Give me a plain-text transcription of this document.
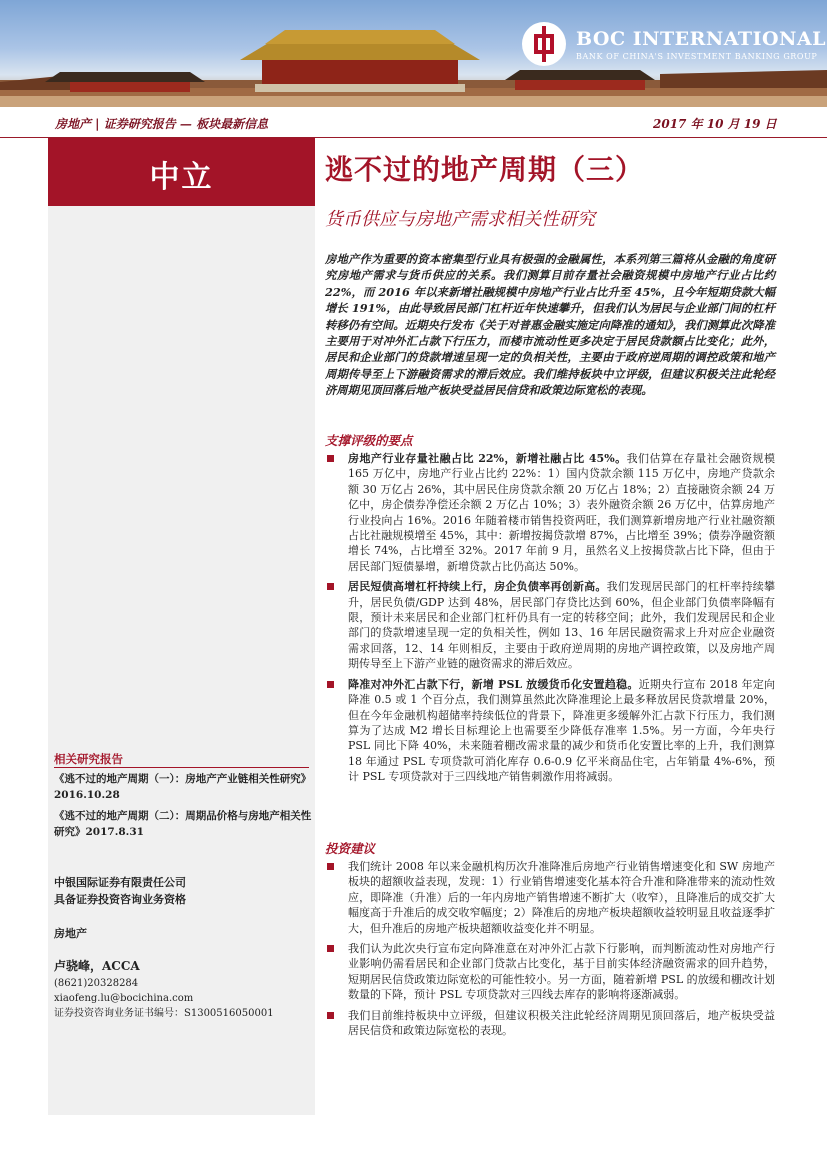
BOC INTERNATIONAL
BANK OF CHINA'S INVESTMENT BANKING GROUP
房地产 | 证券研究报告 — 板块最新信息	2017 年 10 月 19 日
中立	逃不过的地产周期（三）
货币供应与房地产需求相关性研究
房地产作为重要的资本密集型行业具有极强的金融属性，本系列第三篇将从金融的角度研究房地产需求与货币供应的关系。我们测算目前存量社会融资规模中房地产行业占比约 22%，而 2016 年以来新增社融规模中房地产行业占比升至 45%，且今年短期贷款大幅增长 191%，由此导致居民部门杠杆近年快速攀升，但我们认为居民与企业部门间的杠杆转移仍有空间。近期央行发布《关于对普惠金融实施定向降准的通知》，我们测算此次降准主要用于对冲外汇占款下行压力，而楼市流动性更多决定于居民贷款额占比变化；此外，居民和企业部门的贷款增速呈现一定的负相关性，主要由于政府逆周期的调控政策和地产周期传导至上下游融资需求的滞后效应。我们维持板块中立评级，但建议积极关注此轮经济周期见顶回落后地产板块受益居民信贷和政策边际宽松的表现。
支撑评级的要点
房地产行业存量社融占比 22%，新增社融占比 45%。我们估算在存量社会融资规模 165 万亿中，房地产行业占比约 22%：1）国内贷款余额 115 万亿中，房地产贷款余额 30 万亿占 26%，其中居民住房贷款余额 20 万亿占 18%；2）直接融资余额 24 万亿中，房企债券净偿还余额 2 万亿占 10%；3）表外融资余额 26 万亿中，估算房地产行业投向占 16%。2016 年随着楼市销售投资两旺，我们测算新增房地产行业社融资额占比社融规模增至 45%，其中：新增按揭贷款增 87%，占比增至 39%；债券净融资额增长 74%，占比增至 32%。2017 年前 9 月，虽然名义上按揭贷款占比下降，但由于居民部门短债暴增，新增贷款占比仍高达 50%。
居民短债高增杠杆持续上行，房企负债率再创新高。我们发现居民部门的杠杆率持续攀升，居民负债/GDP 达到 48%，居民部门存贷比达到 60%，但企业部门负债率降幅有限，预计未来居民和企业部门杠杆仍具有一定的转移空间；此外，我们发现居民和企业部门的贷款增速呈现一定的负相关性，例如 13、16 年居民融资需求上升对应企业融资需求回落，12、14 年则相反，主要由于政府逆周期的房地产调控政策，以及房地产周期传导至上下游产业链的融资需求的滞后效应。
降准对冲外汇占款下行，新增 PSL 放缓货币化安置趋稳。近期央行宣布 2018 年定向降准 0.5 或 1 个百分点，我们测算虽然此次降准理论上最多释放居民贷款增量 20%，但在今年金融机构超储率持续低位的背景下，降准更多缓解外汇占款下行压力，我们测算为了达成 M2 增长目标理论上也需要至少降低存准率 1.5%。另一方面，今年央行 PSL 同比下降 40%，未来随着棚改需求量的减少和货币化安置比率的上升，我们测算 18 年通过 PSL 专项贷款可消化库存 0.6-0.9 亿平米商品住宅，占年销量 4%-6%，预计 PSL 专项贷款对于三四线地产销售刺激作用将减弱。
投资建议
我们统计 2008 年以来金融机构历次升准降准后房地产行业销售增速变化和 SW 房地产板块的超额收益表现，发现：1）行业销售增速变化基本符合升准和降准带来的流动性效应，即降准（升准）后的一年内房地产销售增速不断扩大（收窄），且降准后的成交扩大幅度高于升准后的成交收窄幅度；2）降准后的房地产板块超额收益较明显且收益逐季扩大，但升准后的房地产板块超额收益变化并不明显。
我们认为此次央行宣布定向降准意在对冲外汇占款下行影响，而判断流动性对房地产行业影响仍需看居民和企业部门贷款占比变化，基于目前实体经济融资需求的回升趋势，短期居民信贷政策边际宽松的可能性较小。另一方面，随着新增 PSL 的放缓和棚改计划数量的下降，预计 PSL 专项贷款对三四线去库存的影响将逐渐减弱。
我们目前维持板块中立评级，但建议积极关注此轮经济周期见顶回落后，地产板块受益居民信贷和政策边际宽松的表现。
相关研究报告
《逃不过的地产周期（一）：房地产产业链相关性研究》2016.10.28
《逃不过的地产周期（二）：周期品价格与房地产相关性研究》2017.8.31
中银国际证券有限责任公司
具备证券投资咨询业务资格
房地产
卢骁峰，ACCA
(8621)20328284
xiaofeng.lu@bocichina.com
证券投资咨询业务证书编号：S1300516050001
